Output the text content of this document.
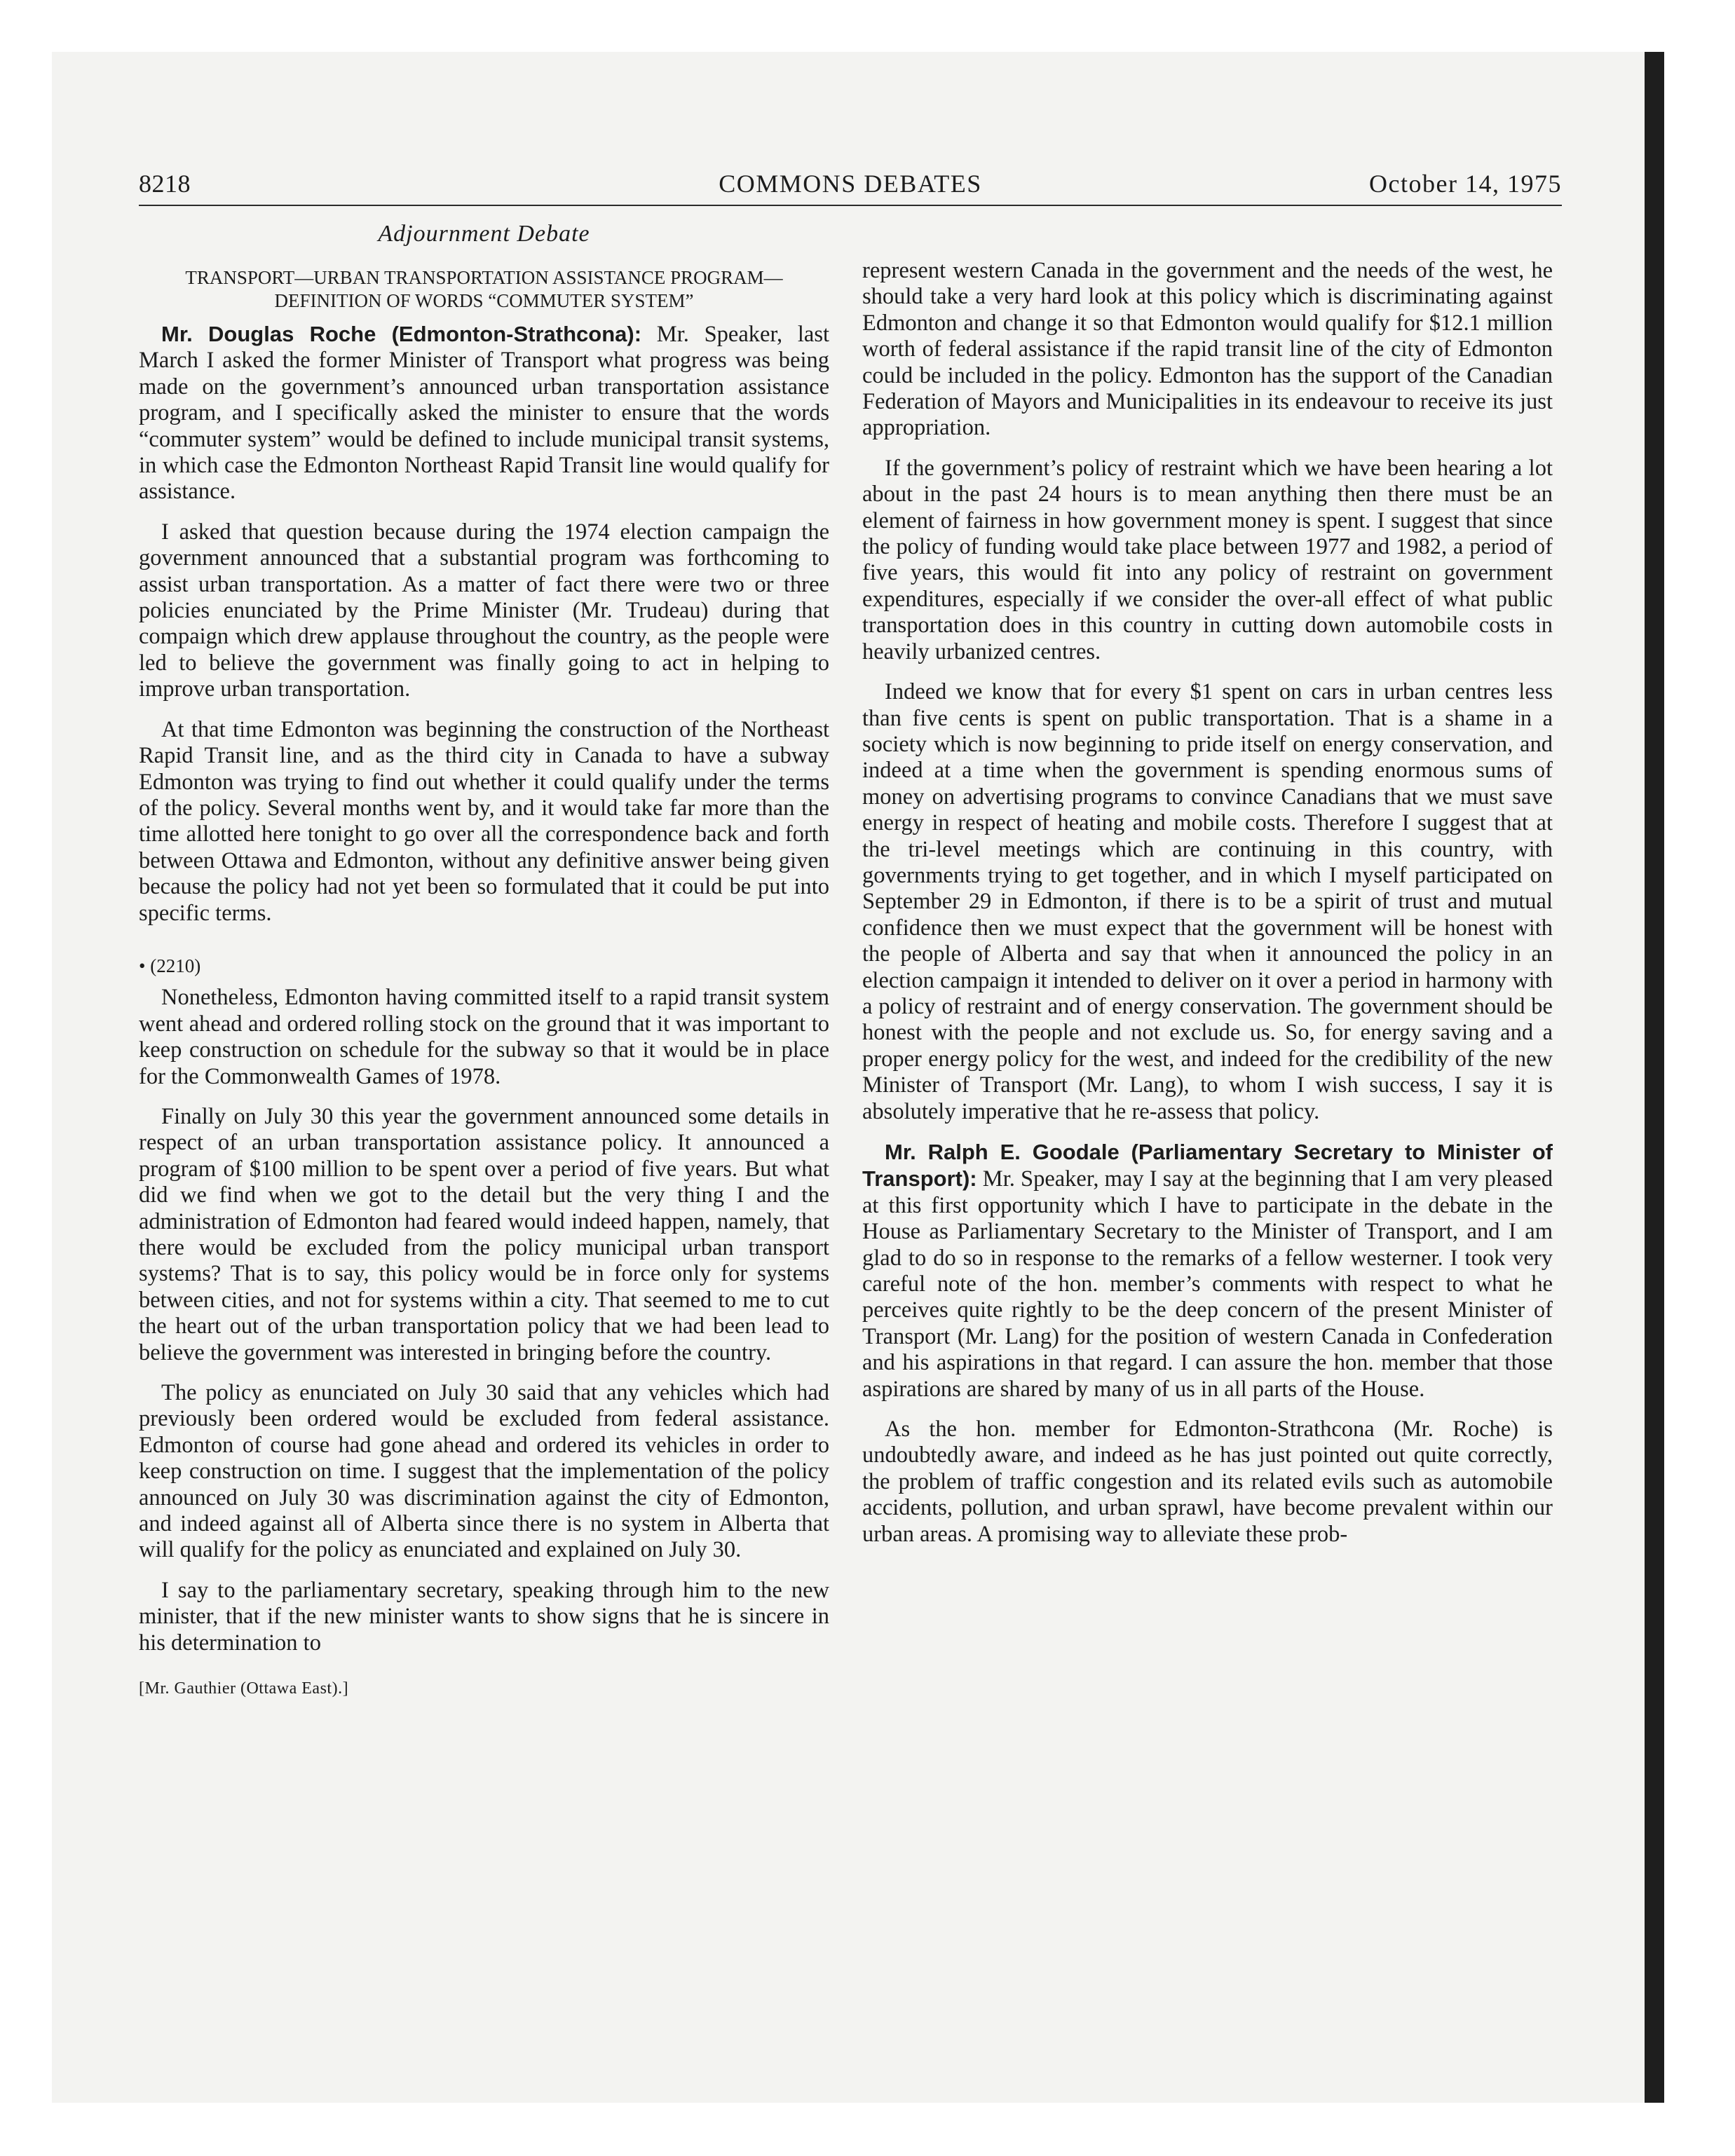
8218	COMMONS DEBATES	October 14, 1975
Adjournment Debate
TRANSPORT—URBAN TRANSPORTATION ASSISTANCE PROGRAM—DEFINITION OF WORDS “COMMUTER SYSTEM”

Mr. Douglas Roche (Edmonton-Strathcona): Mr. Speaker, last March I asked the former Minister of Transport what progress was being made on the government’s announced urban transportation assistance program, and I specifically asked the minister to ensure that the words “commuter system” would be defined to include municipal transit systems, in which case the Edmonton Northeast Rapid Transit line would qualify for assistance.

I asked that question because during the 1974 election campaign the government announced that a substantial program was forthcoming to assist urban transportation. As a matter of fact there were two or three policies enunciated by the Prime Minister (Mr. Trudeau) during that compaign which drew applause throughout the country, as the people were led to believe the government was finally going to act in helping to improve urban transportation.

At that time Edmonton was beginning the construction of the Northeast Rapid Transit line, and as the third city in Canada to have a subway Edmonton was trying to find out whether it could qualify under the terms of the policy. Several months went by, and it would take far more than the time allotted here tonight to go over all the correspondence back and forth between Ottawa and Edmonton, without any definitive answer being given because the policy had not yet been so formulated that it could be put into specific terms.

• (2210)

Nonetheless, Edmonton having committed itself to a rapid transit system went ahead and ordered rolling stock on the ground that it was important to keep construction on schedule for the subway so that it would be in place for the Commonwealth Games of 1978.

Finally on July 30 this year the government announced some details in respect of an urban transportation assistance policy. It announced a program of $100 million to be spent over a period of five years. But what did we find when we got to the detail but the very thing I and the administration of Edmonton had feared would indeed happen, namely, that there would be excluded from the policy municipal urban transport systems? That is to say, this policy would be in force only for systems between cities, and not for systems within a city. That seemed to me to cut the heart out of the urban transportation policy that we had been lead to believe the government was interested in bringing before the country.

The policy as enunciated on July 30 said that any vehicles which had previously been ordered would be excluded from federal assistance. Edmonton of course had gone ahead and ordered its vehicles in order to keep construction on time. I suggest that the implementation of the policy announced on July 30 was discrimination against the city of Edmonton, and indeed against all of Alberta since there is no system in Alberta that will qualify for the policy as enunciated and explained on July 30.

I say to the parliamentary secretary, speaking through him to the new minister, that if the new minister wants to show signs that he is sincere in his determination to

[Mr. Gauthier (Ottawa East).]

represent western Canada in the government and the needs of the west, he should take a very hard look at this policy which is discriminating against Edmonton and change it so that Edmonton would qualify for $12.1 million worth of federal assistance if the rapid transit line of the city of Edmonton could be included in the policy. Edmonton has the support of the Canadian Federation of Mayors and Municipalities in its endeavour to receive its just appropriation.

If the government’s policy of restraint which we have been hearing a lot about in the past 24 hours is to mean anything then there must be an element of fairness in how government money is spent. I suggest that since the policy of funding would take place between 1977 and 1982, a period of five years, this would fit into any policy of restraint on government expenditures, especially if we consider the over-all effect of what public transportation does in this country in cutting down automobile costs in heavily urbanized centres.

Indeed we know that for every $1 spent on cars in urban centres less than five cents is spent on public transportation. That is a shame in a society which is now beginning to pride itself on energy conservation, and indeed at a time when the government is spending enormous sums of money on advertising programs to convince Canadians that we must save energy in respect of heating and mobile costs. Therefore I suggest that at the tri-level meetings which are continuing in this country, with governments trying to get together, and in which I myself participated on September 29 in Edmonton, if there is to be a spirit of trust and mutual confidence then we must expect that the government will be honest with the people of Alberta and say that when it announced the policy in an election campaign it intended to deliver on it over a period in harmony with a policy of restraint and of energy conservation. The government should be honest with the people and not exclude us. So, for energy saving and a proper energy policy for the west, and indeed for the credibility of the new Minister of Transport (Mr. Lang), to whom I wish success, I say it is absolutely imperative that he re-assess that policy.

Mr. Ralph E. Goodale (Parliamentary Secretary to Minister of Transport): Mr. Speaker, may I say at the beginning that I am very pleased at this first opportunity which I have to participate in the debate in the House as Parliamentary Secretary to the Minister of Transport, and I am glad to do so in response to the remarks of a fellow westerner. I took very careful note of the hon. member’s comments with respect to what he perceives quite rightly to be the deep concern of the present Minister of Transport (Mr. Lang) for the position of western Canada in Confederation and his aspirations in that regard. I can assure the hon. member that those aspirations are shared by many of us in all parts of the House.

As the hon. member for Edmonton-Strathcona (Mr. Roche) is undoubtedly aware, and indeed as he has just pointed out quite correctly, the problem of traffic congestion and its related evils such as automobile accidents, pollution, and urban sprawl, have become prevalent within our urban areas. A promising way to alleviate these prob-
